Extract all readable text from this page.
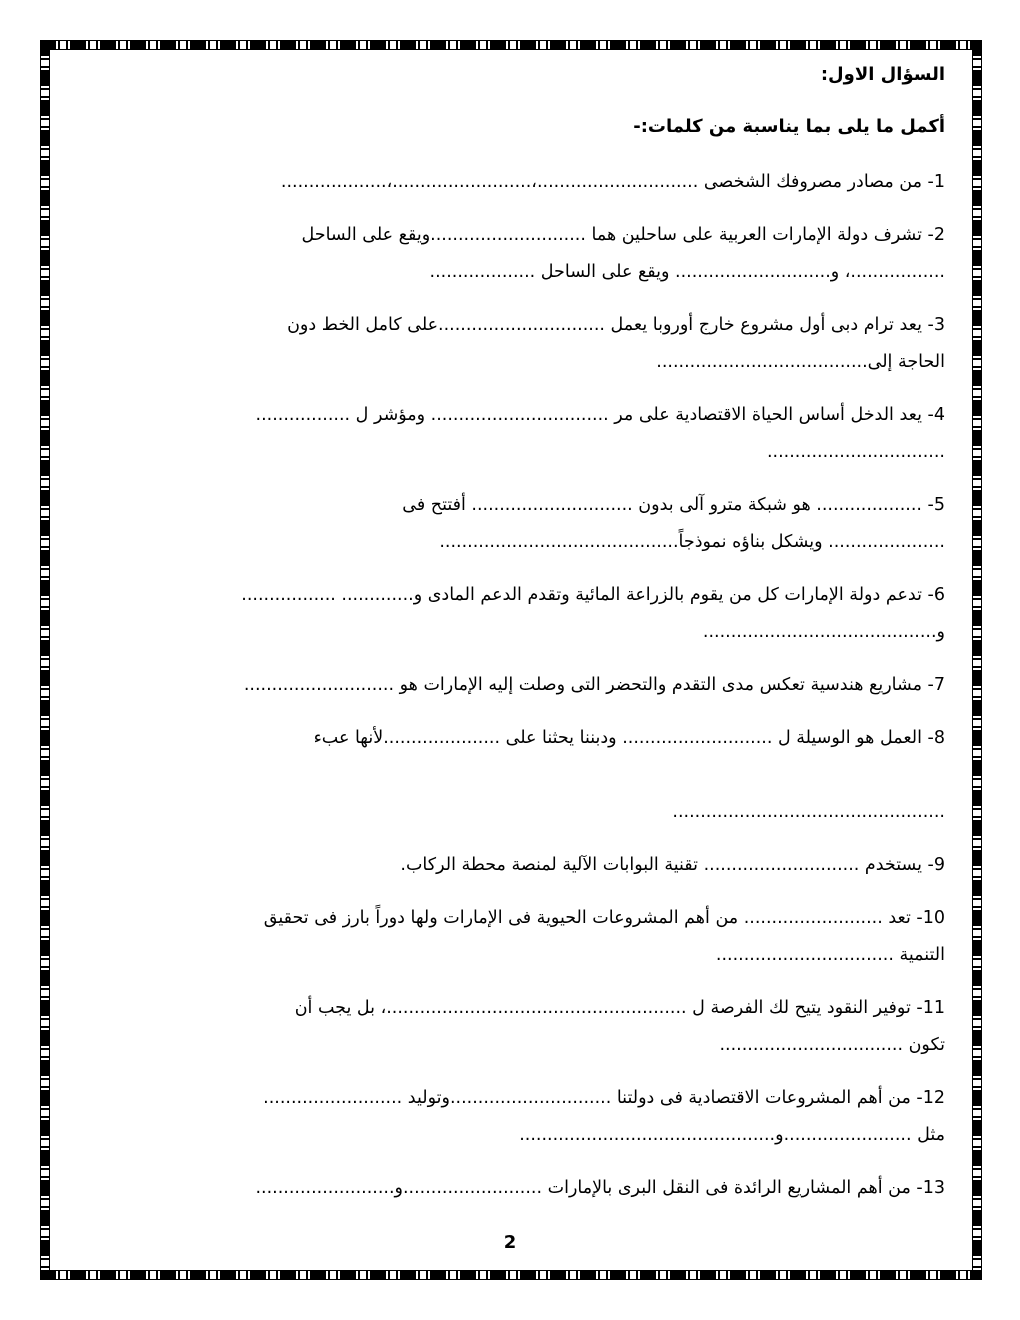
السؤال الاول:

أكمل ما يلى بما يناسبة من كلمات:-

1- من مصادر مصروفك الشخصى .............................،.........................،...................
2- تشرف دولة الإمارات العربية على ساحلين هما ............................ويقع على الساحل
.................، و............................ ويقع على الساحل ...................
3- يعد ترام دبى أول مشروع خارج أوروبا يعمل ..............................على كامل الخط دون
الحاجة إلى......................................
4- يعد الدخل أساس الحياة الاقتصادية على مر ................................ ومؤشر ل .................
................................
5- ................... هو شبكة مترو آلى بدون ............................. أفتتح فى
..................... ويشكل بناؤه نموذجاً...........................................
6- تدعم دولة الإمارات كل من يقوم بالزراعة المائية وتقدم الدعم المادى و............. .................
و..........................................
7- مشاريع هندسية تعكس مدى التقدم والتحضر التى وصلت إليه الإمارات هو ...........................
8- العمل هو الوسيلة ل ........................... ودبننا يحثنا على .....................لأنها عبء
.................................................
9- يستخدم ............................ تقنية البوابات الآلية لمنصة محطة الركاب.
10- تعد ......................... من أهم المشروعات الحيوية فى الإمارات ولها دوراً بارز فى تحقيق
التنمية ................................
11- توفير النقود يتيح لك الفرصة ل ......................................................، بل يجب أن
تكون .................................
12- من أهم المشروعات الاقتصادية فى دولتنا .............................وتوليد .........................
مثل .......................و..............................................
13- من أهم المشاريع الرائدة فى النقل البرى بالإمارات .........................و.........................
2
